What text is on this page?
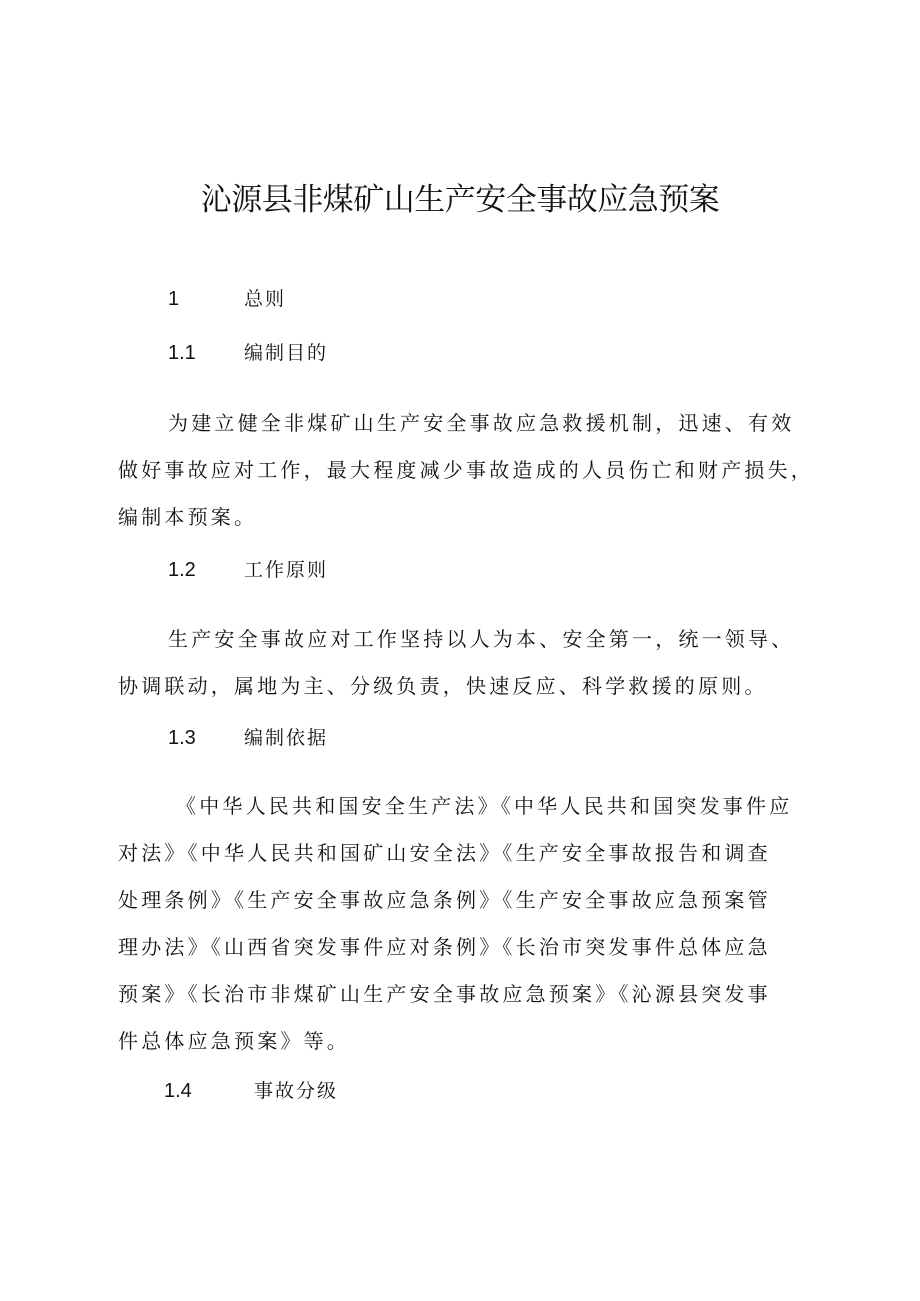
沁源县非煤矿山生产安全事故应急预案
1	总则
1.1	编制目的
为建立健全非煤矿山生产安全事故应急救援机制，迅速、有效
做好事故应对工作，最大程度减少事故造成的人员伤亡和财产损失，
编制本预案。
1.2	工作原则
生产安全事故应对工作坚持以人为本、安全第一，统一领导、
协调联动，属地为主、分级负责，快速反应、科学救援的原则。
1.3	编制依据
《中华人民共和国安全生产法》《中华人民共和国突发事件应
对法》《中华人民共和国矿山安全法》《生产安全事故报告和调查
处理条例》《生产安全事故应急条例》《生产安全事故应急预案管
理办法》《山西省突发事件应对条例》《长治市突发事件总体应急
预案》《长治市非煤矿山生产安全事故应急预案》《沁源县突发事
件总体应急预案》等。
1.4	事故分级
